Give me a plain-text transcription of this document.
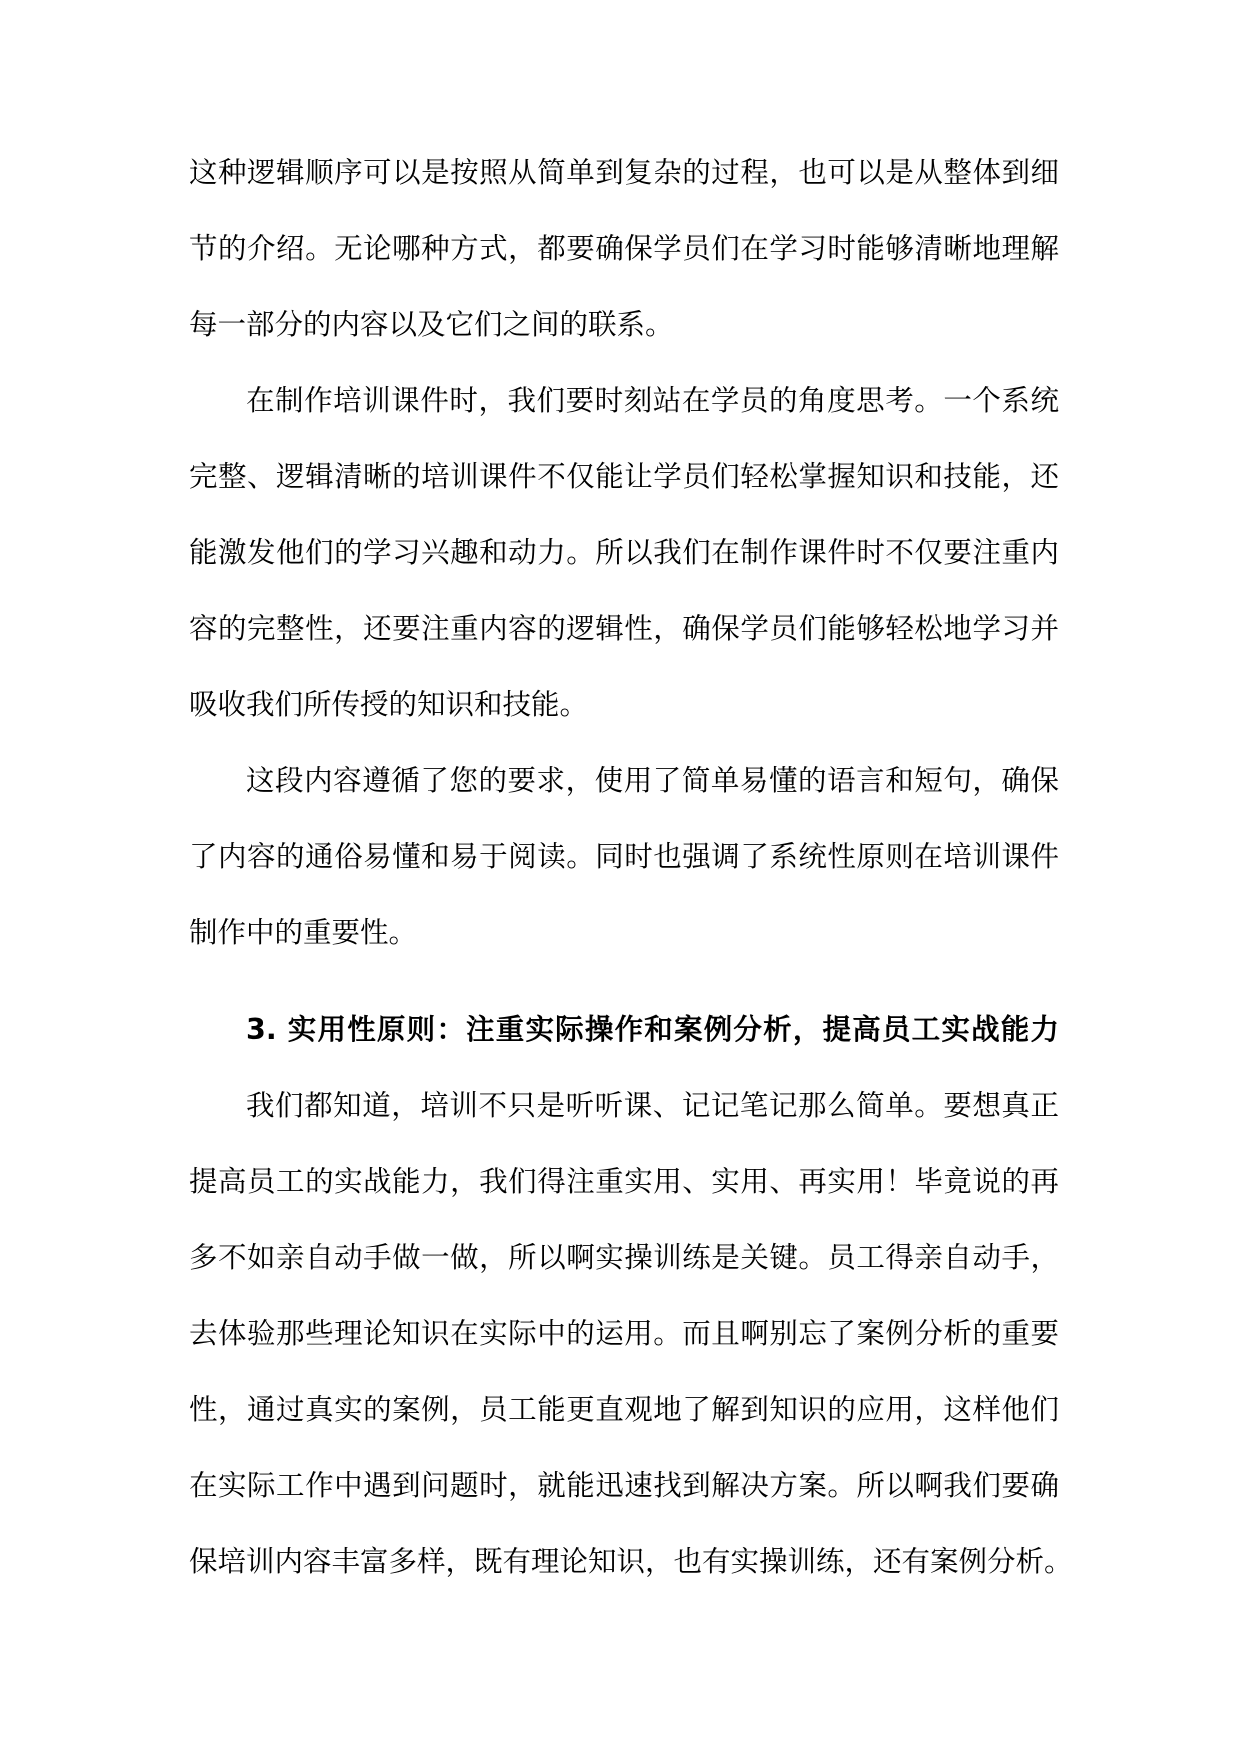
这种逻辑顺序可以是按照从简单到复杂的过程，也可以是从整体到细
节的介绍。无论哪种方式，都要确保学员们在学习时能够清晰地理解
每一部分的内容以及它们之间的联系。
在制作培训课件时，我们要时刻站在学员的角度思考。一个系统
完整、逻辑清晰的培训课件不仅能让学员们轻松掌握知识和技能，还
能激发他们的学习兴趣和动力。所以我们在制作课件时不仅要注重内
容的完整性，还要注重内容的逻辑性，确保学员们能够轻松地学习并
吸收我们所传授的知识和技能。
这段内容遵循了您的要求，使用了简单易懂的语言和短句，确保
了内容的通俗易懂和易于阅读。同时也强调了系统性原则在培训课件
制作中的重要性。
3. 实用性原则：注重实际操作和案例分析，提高员工实战能力
我们都知道，培训不只是听听课、记记笔记那么简单。要想真正
提高员工的实战能力，我们得注重实用、实用、再实用！毕竟说的再
多不如亲自动手做一做，所以啊实操训练是关键。员工得亲自动手，
去体验那些理论知识在实际中的运用。而且啊别忘了案例分析的重要
性，通过真实的案例，员工能更直观地了解到知识的应用，这样他们
在实际工作中遇到问题时，就能迅速找到解决方案。所以啊我们要确
保培训内容丰富多样，既有理论知识，也有实操训练，还有案例分析。
